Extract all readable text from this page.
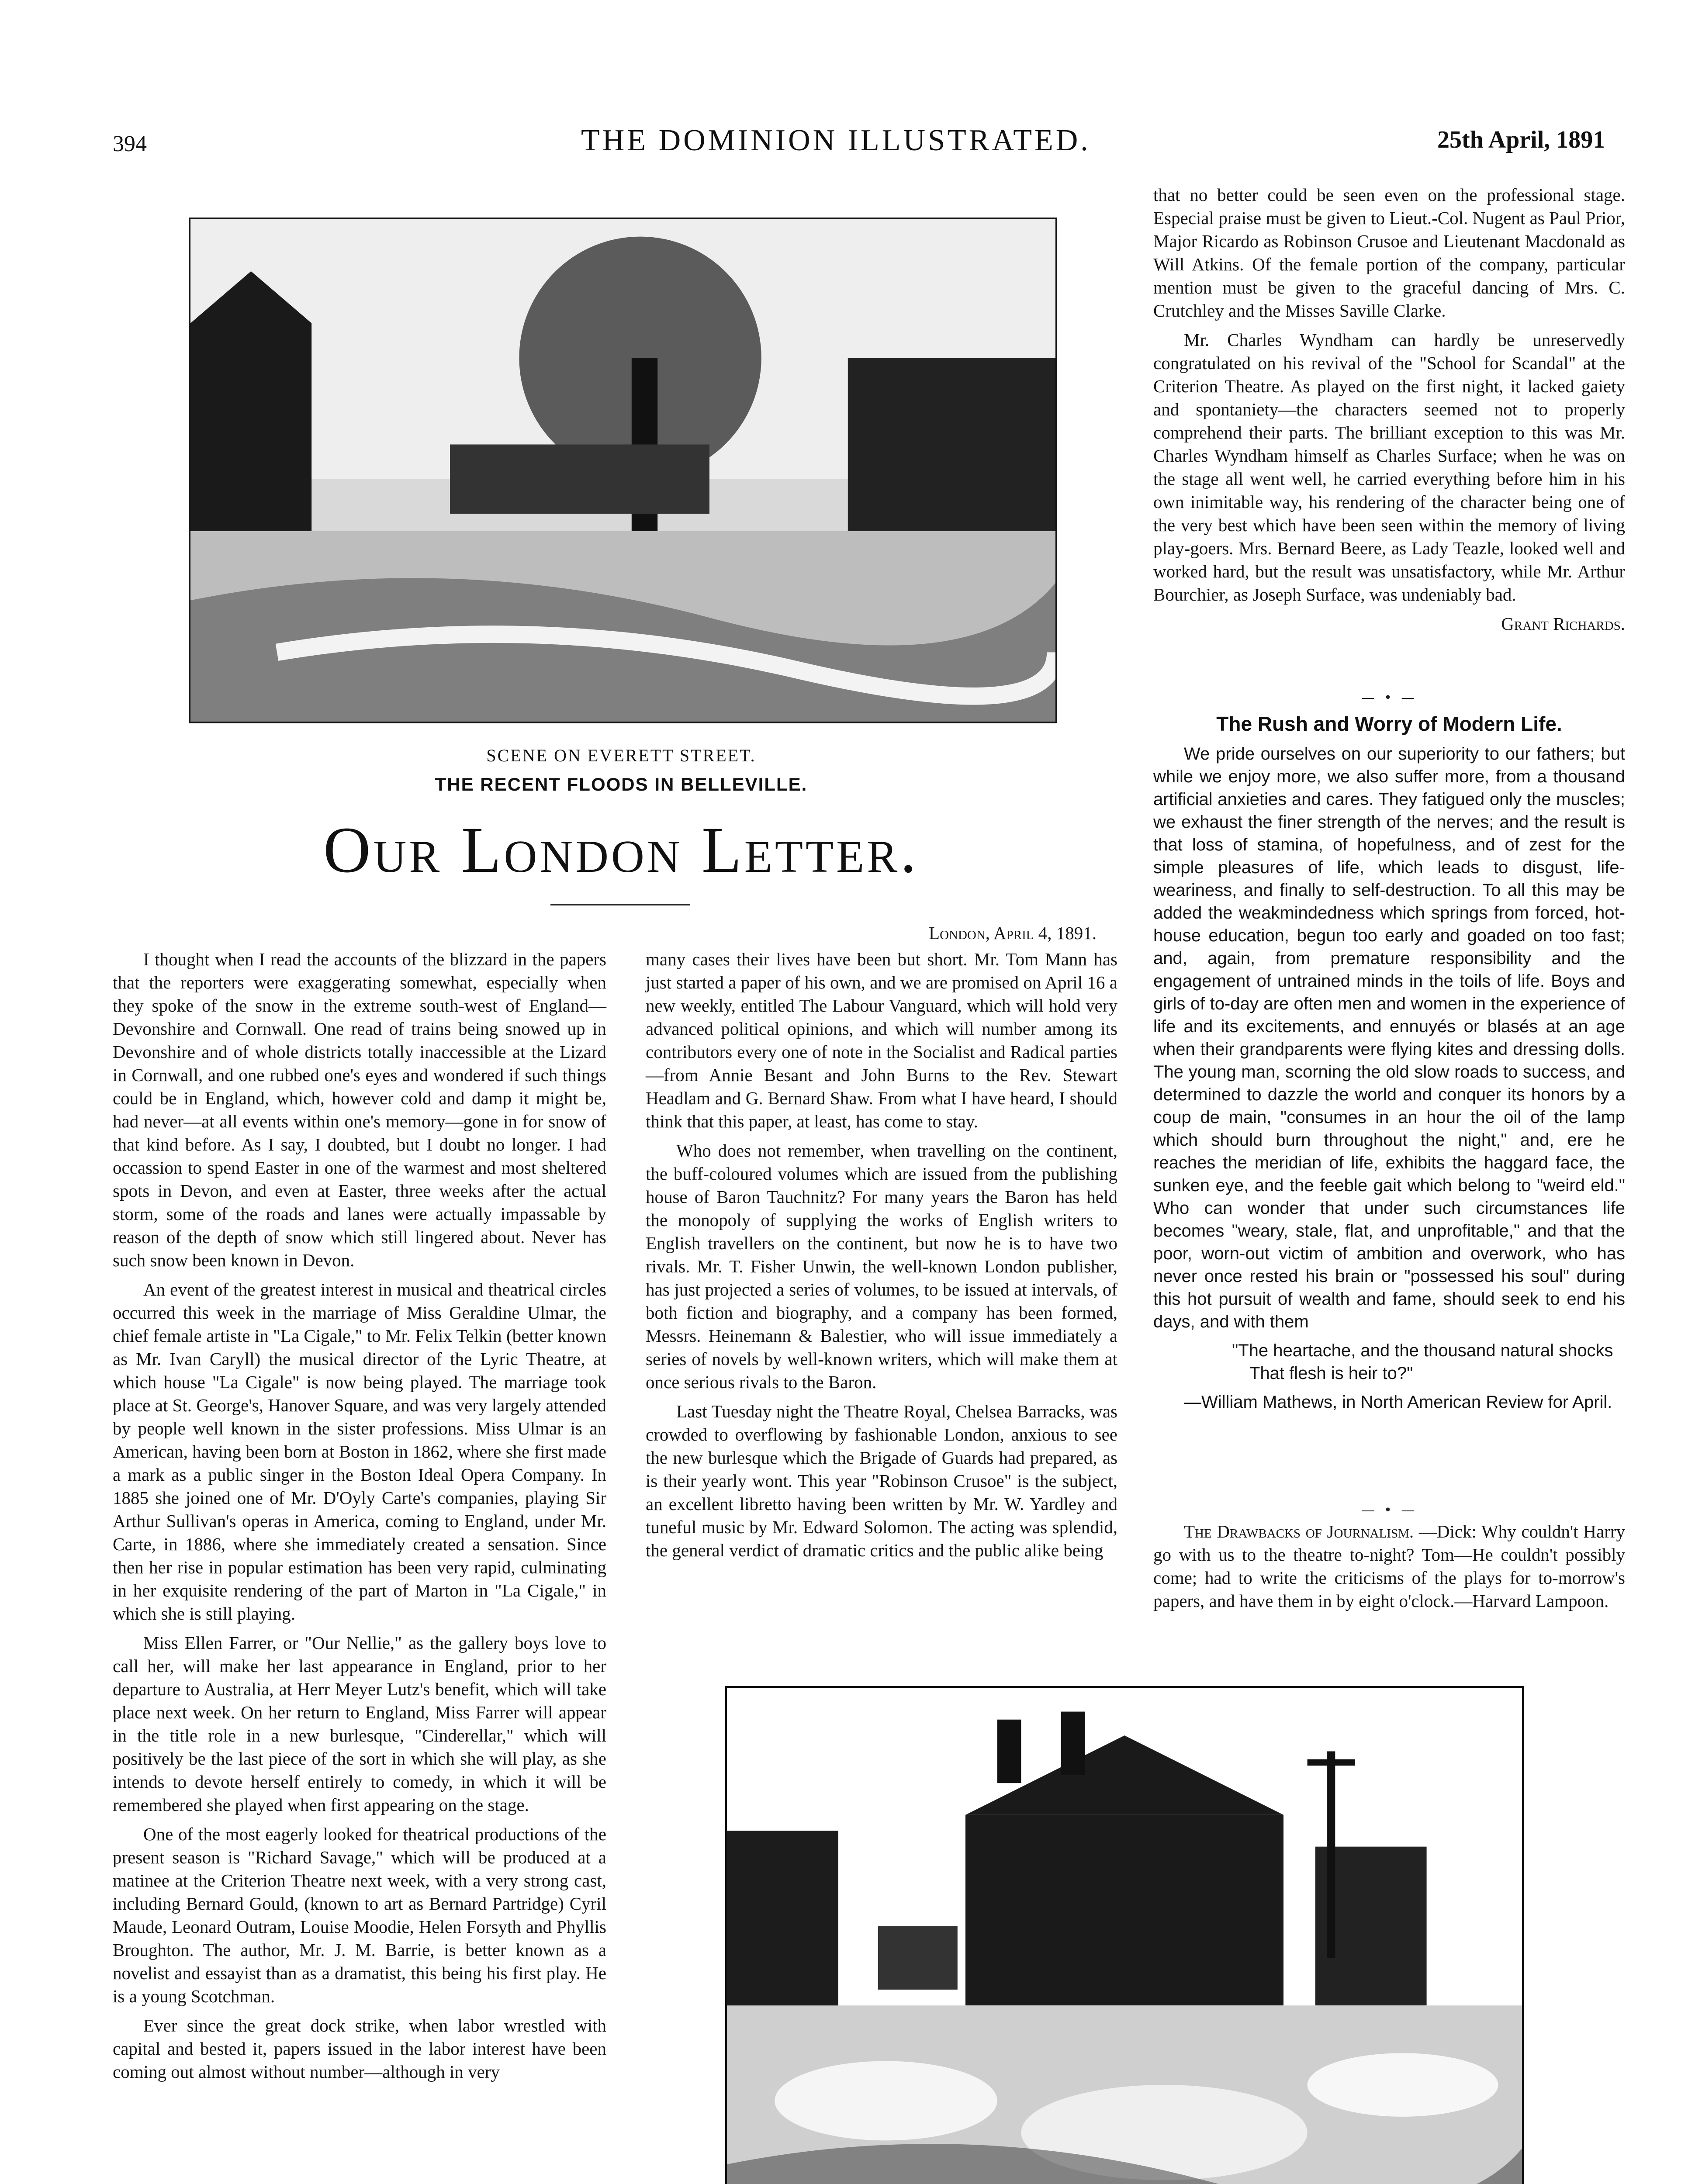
394	THE DOMINION ILLUSTRATED.	25th April, 1891
SCENE ON EVERETT STREET.
THE RECENT FLOODS IN BELLEVILLE.
Our London Letter.
London, April 4, 1891.

I thought when I read the accounts of the blizzard in the papers that the reporters were exaggerating somewhat, especially when they spoke of the snow in the extreme south-west of England—Devonshire and Cornwall. One read of trains being snowed up in Devonshire and of whole districts totally inaccessible at the Lizard in Cornwall, and one rubbed one's eyes and wondered if such things could be in England, which, however cold and damp it might be, had never—at all events within one's memory—gone in for snow of that kind before. As I say, I doubted, but I doubt no longer. I had occassion to spend Easter in one of the warmest and most sheltered spots in Devon, and even at Easter, three weeks after the actual storm, some of the roads and lanes were actually impassable by reason of the depth of snow which still lingered about. Never has such snow been known in Devon.

An event of the greatest interest in musical and theatrical circles occurred this week in the marriage of Miss Geraldine Ulmar, the chief female artiste in "La Cigale," to Mr. Felix Telkin (better known as Mr. Ivan Caryll) the musical director of the Lyric Theatre, at which house "La Cigale" is now being played. The marriage took place at St. George's, Hanover Square, and was very largely attended by people well known in the sister professions. Miss Ulmar is an American, having been born at Boston in 1862, where she first made a mark as a public singer in the Boston Ideal Opera Company. In 1885 she joined one of Mr. D'Oyly Carte's companies, playing Sir Arthur Sullivan's operas in America, coming to England, under Mr. Carte, in 1886, where she immediately created a sensation. Since then her rise in popular estimation has been very rapid, culminating in her exquisite rendering of the part of Marton in "La Cigale," in which she is still playing.

Miss Ellen Farrer, or "Our Nellie," as the gallery boys love to call her, will make her last appearance in England, prior to her departure to Australia, at Herr Meyer Lutz's benefit, which will take place next week. On her return to England, Miss Farrer will appear in the title role in a new burlesque, "Cinderellar," which will positively be the last piece of the sort in which she will play, as she intends to devote herself entirely to comedy, in which it will be remembered she played when first appearing on the stage.

One of the most eagerly looked for theatrical productions of the present season is "Richard Savage," which will be produced at a matinee at the Criterion Theatre next week, with a very strong cast, including Bernard Gould, (known to art as Bernard Partridge) Cyril Maude, Leonard Outram, Louise Moodie, Helen Forsyth and Phyllis Broughton. The author, Mr. J. M. Barrie, is better known as a novelist and essayist than as a dramatist, this being his first play. He is a young Scotchman.

Ever since the great dock strike, when labor wrestled with capital and bested it, papers issued in the labor interest have been coming out almost without number—although in very

many cases their lives have been but short. Mr. Tom Mann has just started a paper of his own, and we are promised on April 16 a new weekly, entitled The Labour Vanguard, which will hold very advanced political opinions, and which will number among its contributors every one of note in the Socialist and Radical parties—from Annie Besant and John Burns to the Rev. Stewart Headlam and G. Bernard Shaw. From what I have heard, I should think that this paper, at least, has come to stay.

Who does not remember, when travelling on the continent, the buff-coloured volumes which are issued from the publishing house of Baron Tauchnitz? For many years the Baron has held the monopoly of supplying the works of English writers to English travellers on the continent, but now he is to have two rivals. Mr. T. Fisher Unwin, the well-known London publisher, has just projected a series of volumes, to be issued at intervals, of both fiction and biography, and a company has been formed, Messrs. Heinemann & Balestier, who will issue immediately a series of novels by well-known writers, which will make them at once serious rivals to the Baron.

Last Tuesday night the Theatre Royal, Chelsea Barracks, was crowded to overflowing by fashionable London, anxious to see the new burlesque which the Brigade of Guards had prepared, as is their yearly wont. This year "Robinson Crusoe" is the subject, an excellent libretto having been written by Mr. W. Yardley and tuneful music by Mr. Edward Solomon. The acting was splendid, the general verdict of dramatic critics and the public alike being

that no better could be seen even on the professional stage. Especial praise must be given to Lieut.-Col. Nugent as Paul Prior, Major Ricardo as Robinson Crusoe and Lieutenant Macdonald as Will Atkins. Of the female portion of the company, particular mention must be given to the graceful dancing of Mrs. C. Crutchley and the Misses Saville Clarke.

Mr. Charles Wyndham can hardly be unreservedly congratulated on his revival of the "School for Scandal" at the Criterion Theatre. As played on the first night, it lacked gaiety and spontaniety—the characters seemed not to properly comprehend their parts. The brilliant exception to this was Mr. Charles Wyndham himself as Charles Surface; when he was on the stage all went well, he carried everything before him in his own inimitable way, his rendering of the character being one of the very best which have been seen within the memory of living play-goers. Mrs. Bernard Beere, as Lady Teazle, looked well and worked hard, but the result was unsatisfactory, while Mr. Arthur Bourchier, as Joseph Surface, was undeniably bad.

Grant Richards.
— • —
The Rush and Worry of Modern Life.

We pride ourselves on our superiority to our fathers; but while we enjoy more, we also suffer more, from a thousand artificial anxieties and cares. They fatigued only the muscles; we exhaust the finer strength of the nerves; and the result is that loss of stamina, of hopefulness, and of zest for the simple pleasures of life, which leads to disgust, life-weariness, and finally to self-destruction. To all this may be added the weakmindedness which springs from forced, hot-house education, begun too early and goaded on too fast; and, again, from premature responsibility and the engagement of untrained minds in the toils of life. Boys and girls of to-day are often men and women in the experience of life and its excitements, and ennuyés or blasés at an age when their grandparents were flying kites and dressing dolls. The young man, scorning the old slow roads to success, and determined to dazzle the world and conquer its honors by a coup de main, "consumes in an hour the oil of the lamp which should burn throughout the night," and, ere he reaches the meridian of life, exhibits the haggard face, the sunken eye, and the feeble gait which belong to "weird eld." Who can wonder that under such circumstances life becomes "weary, stale, flat, and unprofitable," and that the poor, worn-out victim of ambition and overwork, who has never once rested his brain or "possessed his soul" during this hot pursuit of wealth and fame, should seek to end his days, and with them

"The heartache, and the thousand natural shocks

That flesh is heir to?"

—William Mathews, in North American Review for April.

— • —

The Drawbacks of Journalism. —Dick: Why couldn't Harry go with us to the theatre to-night? Tom—He couldn't possibly come; had to write the criticisms of the plays for to-morrow's papers, and have them in by eight o'clock.—Harvard Lampoon.
